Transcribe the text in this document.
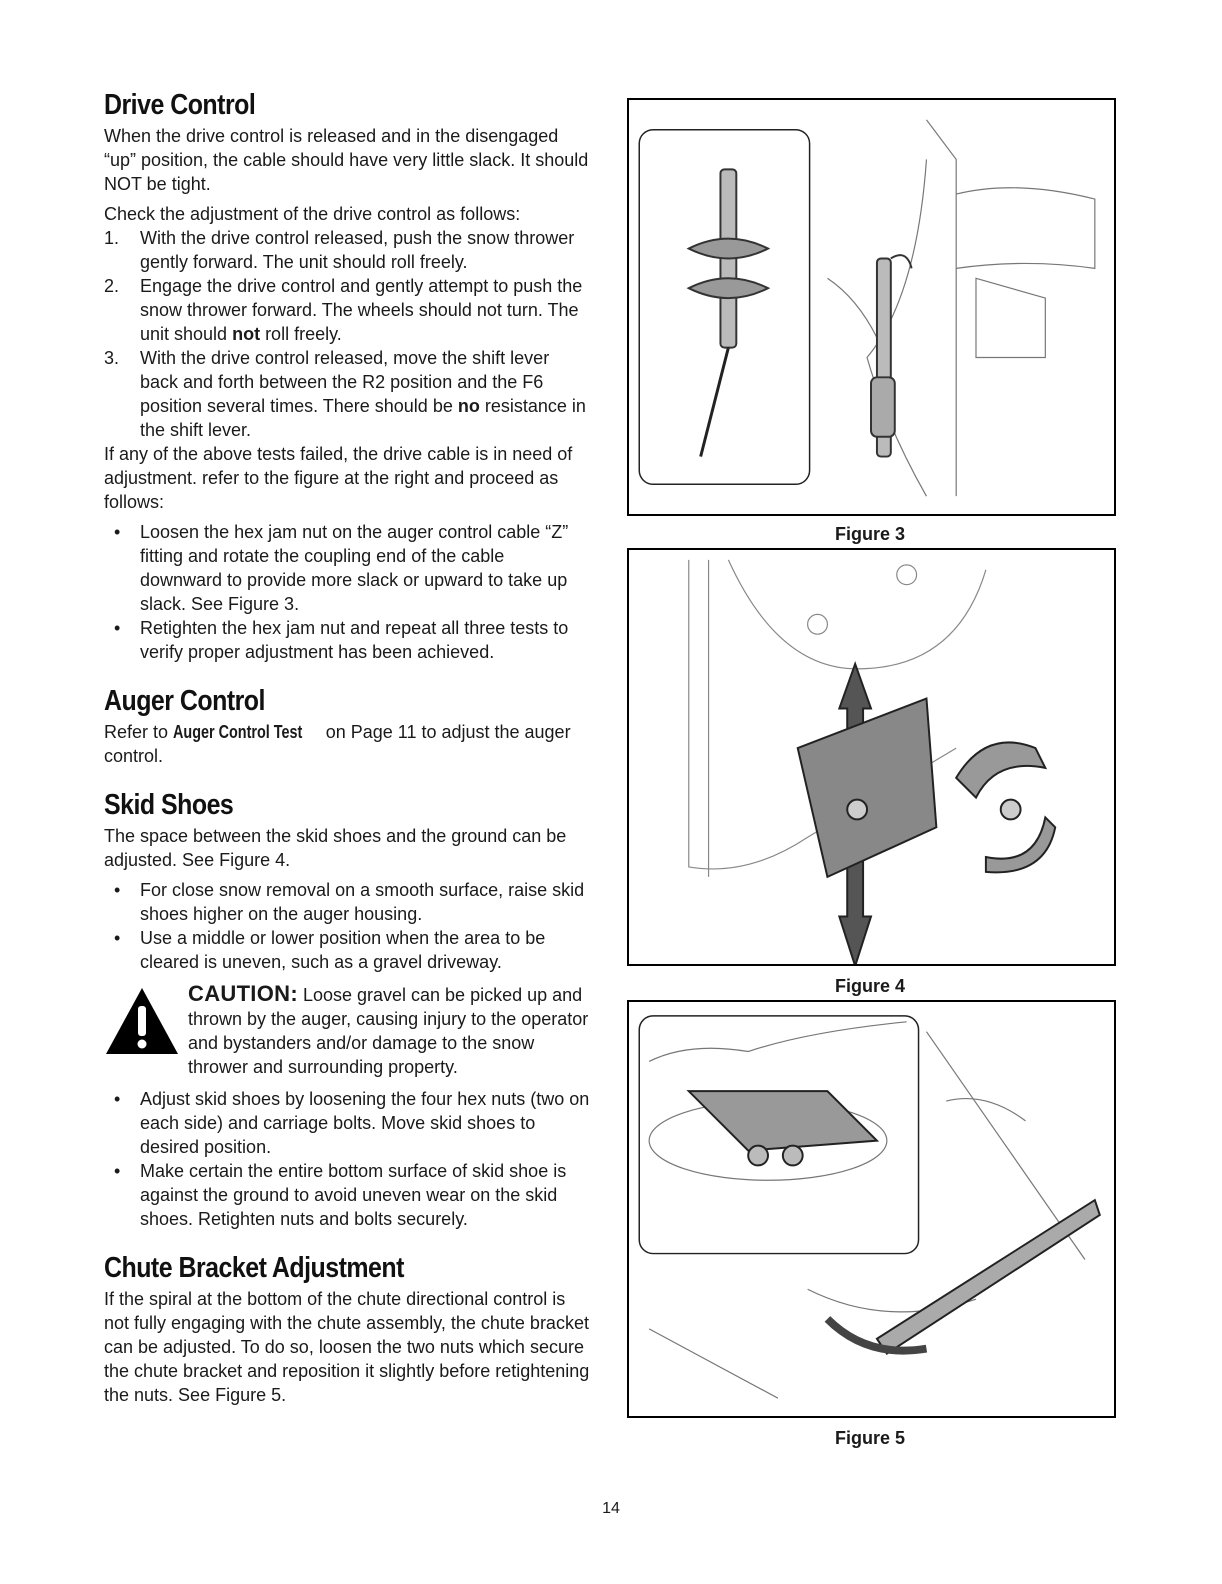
Drive Control

When the drive control is released and in the disengaged “up” position, the cable should have very little slack. It should NOT be tight.

Check the adjustment of the drive control as follows:

1.	With the drive control released, push the snow thrower gently forward. The unit should roll freely.
2.	Engage the drive control and gently attempt to push the snow thrower forward. The wheels should not turn. The unit should not roll freely.
3.	With the drive control released, move the shift lever back and forth between the R2 position and the F6 position several times. There should be no resistance in the shift lever.

If any of the above tests failed, the drive cable is in need of adjustment. refer to the figure at the right and proceed as follows:

•	Loosen the hex jam nut on the auger control cable “Z” fitting and rotate the coupling end of the cable downward to provide more slack or upward to take up slack. See Figure 3.
•	Retighten the hex jam nut and repeat all three tests to verify proper adjustment has been achieved.
Auger Control

Refer to Auger Control Test on Page 11 to adjust the auger control.

Skid Shoes

The space between the skid shoes and the ground can be adjusted. See Figure 4.

•	For close snow removal on a smooth surface, raise skid shoes higher on the auger housing.
•	Use a middle or lower position when the area to be cleared is uneven, such as a gravel driveway.
CAUTION: Loose gravel can be picked up and thrown by the auger, causing injury to the operator and bystanders and/or damage to the snow thrower and surrounding property.
•	Adjust skid shoes by loosening the four hex nuts (two on each side) and carriage bolts. Move skid shoes to desired position.
•	Make certain the entire bottom surface of skid shoe is against the ground to avoid uneven wear on the skid shoes. Retighten nuts and bolts securely.
Chute Bracket Adjustment

If the spiral at the bottom of the chute directional control is not fully engaging with the chute assembly, the chute bracket can be adjusted. To do so, loosen the two nuts which secure the chute bracket and reposition it slightly before retightening the nuts. See Figure 5.

Figure 3
Figure 4
Figure 5
14
